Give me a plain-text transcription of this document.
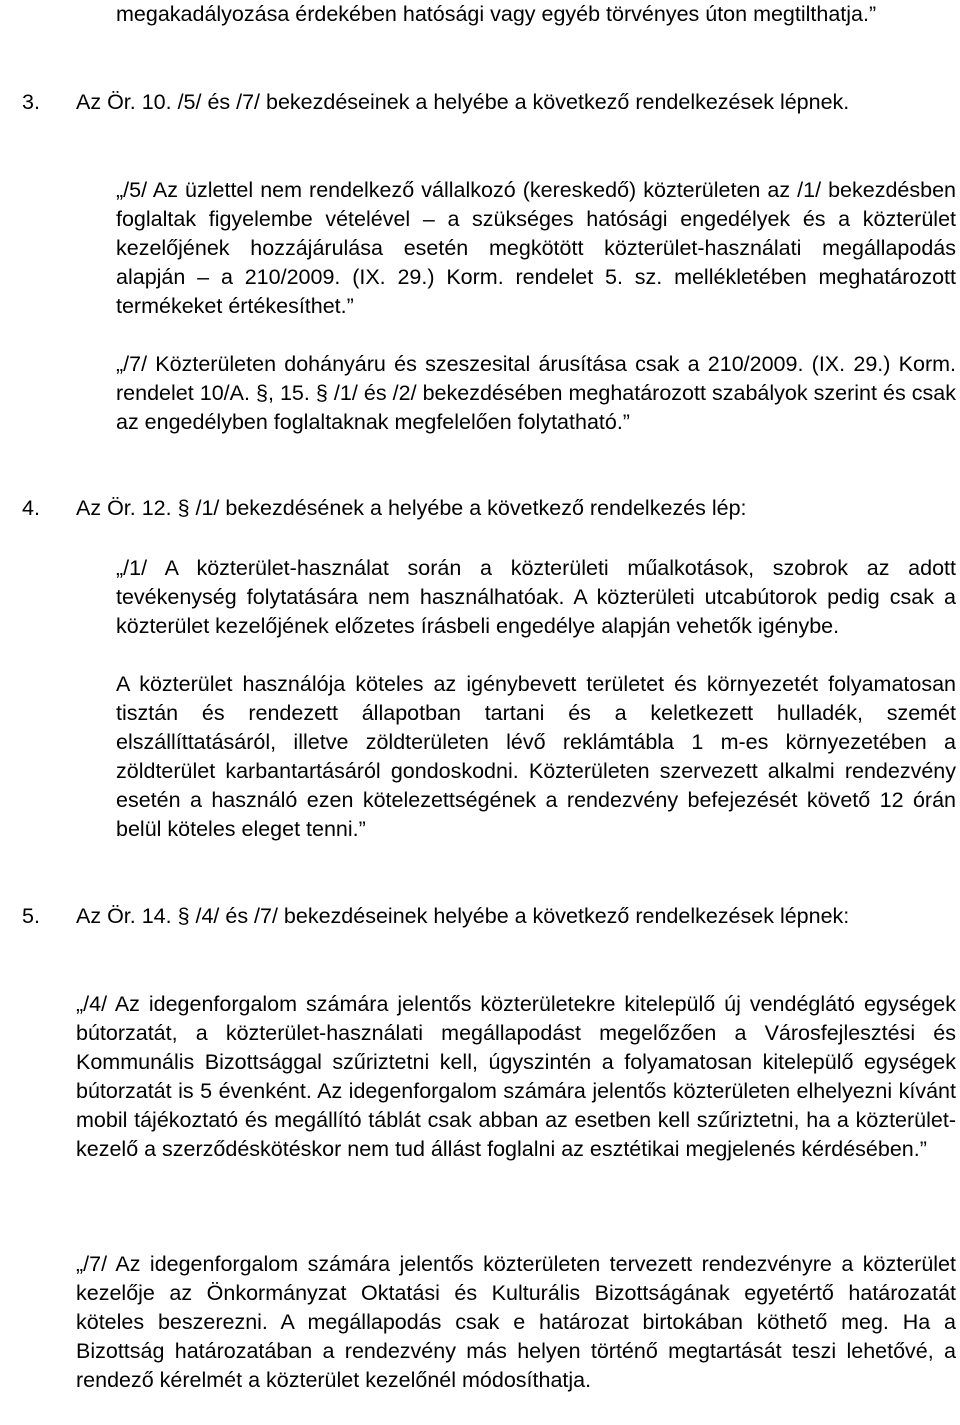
megakadályozása érdekében hatósági vagy egyéb törvényes úton megtilthatja.”

3. Az Ör. 10. /5/ és /7/ bekezdéseinek a helyébe a következő rendelkezések lépnek.

„/5/ Az üzlettel nem rendelkező vállalkozó (kereskedő) közterületen az /1/ bekezdésben foglaltak figyelembe vételével – a szükséges hatósági engedélyek és a közterület kezelőjének hozzájárulása esetén megkötött közterület-használati megállapodás alapján – a 210/2009. (IX. 29.) Korm. rendelet 5. sz. mellékletében meghatározott termékeket értékesíthet.”

„/7/ Közterületen dohányáru és szeszesital árusítása csak a 210/2009. (IX. 29.) Korm. rendelet 10/A. §, 15. § /1/ és /2/ bekezdésében meghatározott szabályok szerint és csak az engedélyben foglaltaknak megfelelően folytatható.”

4. Az Ör. 12. § /1/ bekezdésének a helyébe a következő rendelkezés lép:

„/1/ A közterület-használat során a közterületi műalkotások, szobrok az adott tevékenység folytatására nem használhatóak. A közterületi utcabútorok pedig csak a közterület kezelőjének előzetes írásbeli engedélye alapján vehetők igénybe.

A közterület használója köteles az igénybevett területet és környezetét folyamatosan tisztán és rendezett állapotban tartani és a keletkezett hulladék, szemét elszállíttatásáról, illetve zöldterületen lévő reklámtábla 1 m-es környezetében a zöldterület karbantartásáról gondoskodni. Közterületen szervezett alkalmi rendezvény esetén a használó ezen kötelezettségének a rendezvény befejezését követő 12 órán belül köteles eleget tenni.”

5. Az Ör. 14. § /4/ és /7/ bekezdéseinek helyébe a következő rendelkezések lépnek:

„/4/ Az idegenforgalom számára jelentős közterületekre kitelepülő új vendéglátó egységek bútorzatát, a közterület-használati megállapodást megelőzően a Városfejlesztési és Kommunális Bizottsággal szűriztetni kell, úgyszintén a folyamatosan kitelepülő egységek bútorzatát is 5 évenként. Az idegenforgalom számára jelentős közterületen elhelyezni kívánt mobil tájékoztató és megállító táblát csak abban az esetben kell szűriztetni, ha a közterület-kezelő a szerződéskötéskor nem tud állást foglalni az esztétikai megjelenés kérdésében.”

„/7/ Az idegenforgalom számára jelentős közterületen tervezett rendezvényre a közterület kezelője az Önkormányzat Oktatási és Kulturális Bizottságának egyetértő határozatát köteles beszerezni. A megállapodás csak e határozat birtokában köthető meg. Ha a Bizottság határozatában a rendezvény más helyen történő megtartását teszi lehetővé, a rendező kérelmét a közterület kezelőnél módosíthatja.
